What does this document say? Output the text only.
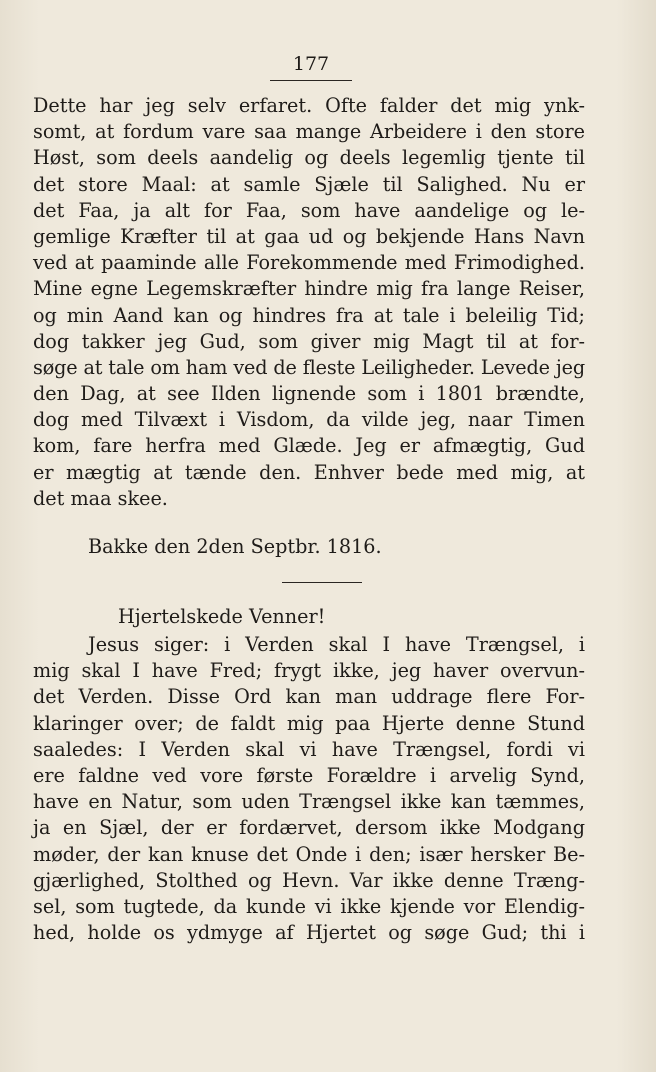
177
Dette har jeg selv erfaret. Ofte falder det mig ynk-
somt, at fordum vare saa mange Arbeidere i den store
Høst, som deels aandelig og deels legemlig tjente til
det store Maal: at samle Sjæle til Salighed. Nu er
det Faa, ja alt for Faa, som have aandelige og le-
gemlige Kræfter til at gaa ud og bekjende Hans Navn
ved at paaminde alle Forekommende med Frimodighed.
Mine egne Legemskræfter hindre mig fra lange Reiser,
og min Aand kan og hindres fra at tale i beleilig Tid;
dog takker jeg Gud, som giver mig Magt til at for-
søge at tale om ham ved de fleste Leiligheder. Levede jeg
den Dag, at see Ilden lignende som i 1801 brændte,
dog med Tilvæxt i Visdom, da vilde jeg, naar Timen
kom, fare herfra med Glæde. Jeg er afmægtig, Gud
er mægtig at tænde den. Enhver bede med mig, at
det maa skee.
Bakke den 2den Septbr. 1816.
Hjertelskede Venner!
Jesus siger: i Verden skal I have Trængsel, i
mig skal I have Fred; frygt ikke, jeg haver overvun-
det Verden. Disse Ord kan man uddrage flere For-
klaringer over; de faldt mig paa Hjerte denne Stund
saaledes: I Verden skal vi have Trængsel, fordi vi
ere faldne ved vore første Forældre i arvelig Synd,
have en Natur, som uden Trængsel ikke kan tæmmes,
ja en Sjæl, der er fordærvet, dersom ikke Modgang
møder, der kan knuse det Onde i den; især hersker Be-
gjærlighed, Stolthed og Hevn. Var ikke denne Træng-
sel, som tugtede, da kunde vi ikke kjende vor Elendig-
hed, holde os ydmyge af Hjertet og søge Gud; thi i
